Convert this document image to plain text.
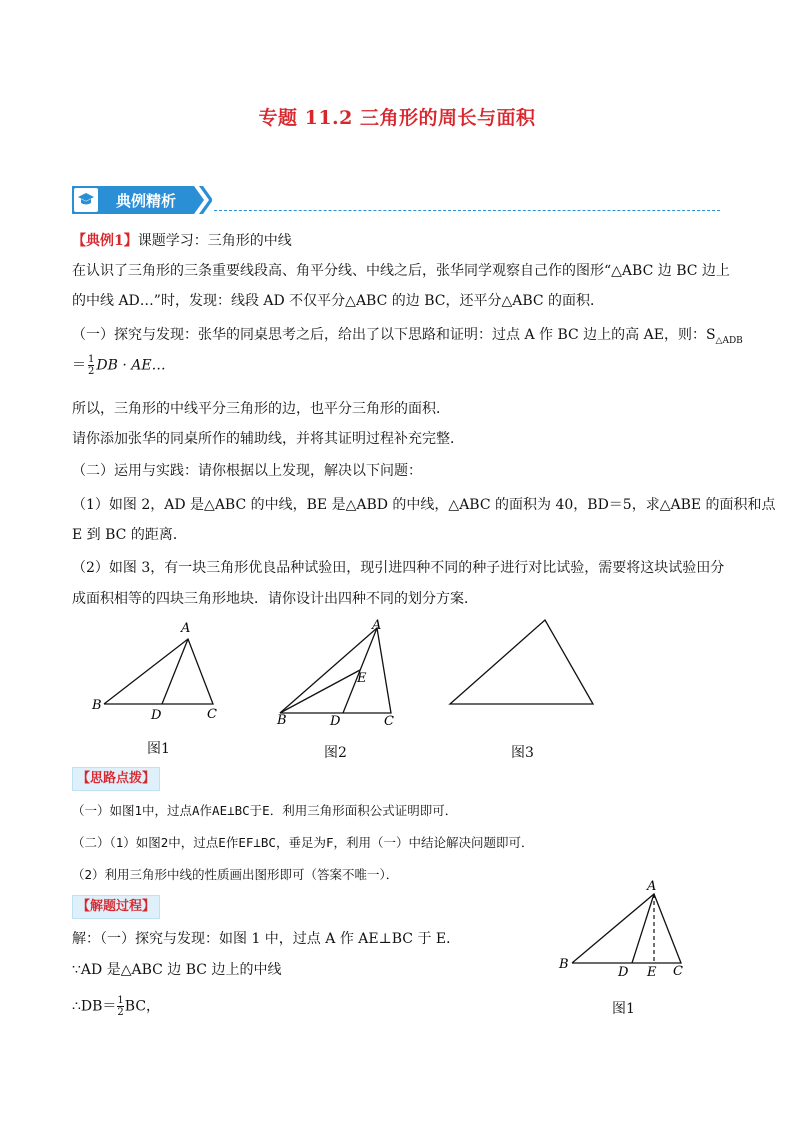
专题 11.2 三角形的周长与面积
典例精析
【典例1】课题学习：三角形的中线
在认识了三角形的三条重要线段高、角平分线、中线之后，张华同学观察自己作的图形“△ABC 边 BC 边上
的中线 AD…”时，发现：线段 AD 不仅平分△ABC 的边 BC，还平分△ABC 的面积．
（一）探究与发现：张华的同桌思考之后，给出了以下思路和证明：过点 A 作 BC 边上的高 AE，则：$S_{\triangle ADB}$
＝ $\frac{1}{2}$ DB · AE…
所以，三角形的中线平分三角形的边，也平分三角形的面积．
请你添加张华的同桌所作的辅助线，并将其证明过程补充完整．
（二）运用与实践：请你根据以上发现，解决以下问题：
（1）如图 2，AD 是△ABC 的中线，BE 是△ABD 的中线，△ABC 的面积为 40，BD＝5，求△ABE 的面积和点
E 到 BC 的距离．
（2）如图 3，有一块三角形优良品种试验田，现引进四种不同的种子进行对比试验，需要将这块试验田分
成面积相等的四块三角形地块．请你设计出四种不同的划分方案．
A
B
D	C
图1
A
E
B	D	C
图2	图3
【思路点拨】
（一）如图1中，过点A作AE⊥BC于E．利用三角形面积公式证明即可．
（二）（1）如图2中，过点E作EF⊥BC，垂足为F，利用（一）中结论解决问题即可．
（2）利用三角形中线的性质画出图形即可（答案不唯一）．
【解题过程】
解：（一）探究与发现：如图 1 中，过点 A 作 AE⊥BC 于 E．
∵AD 是△ABC 边 BC 边上的中线
∴DB＝ $\frac{1}{2}$ BC，
A
B
D E C
图1
